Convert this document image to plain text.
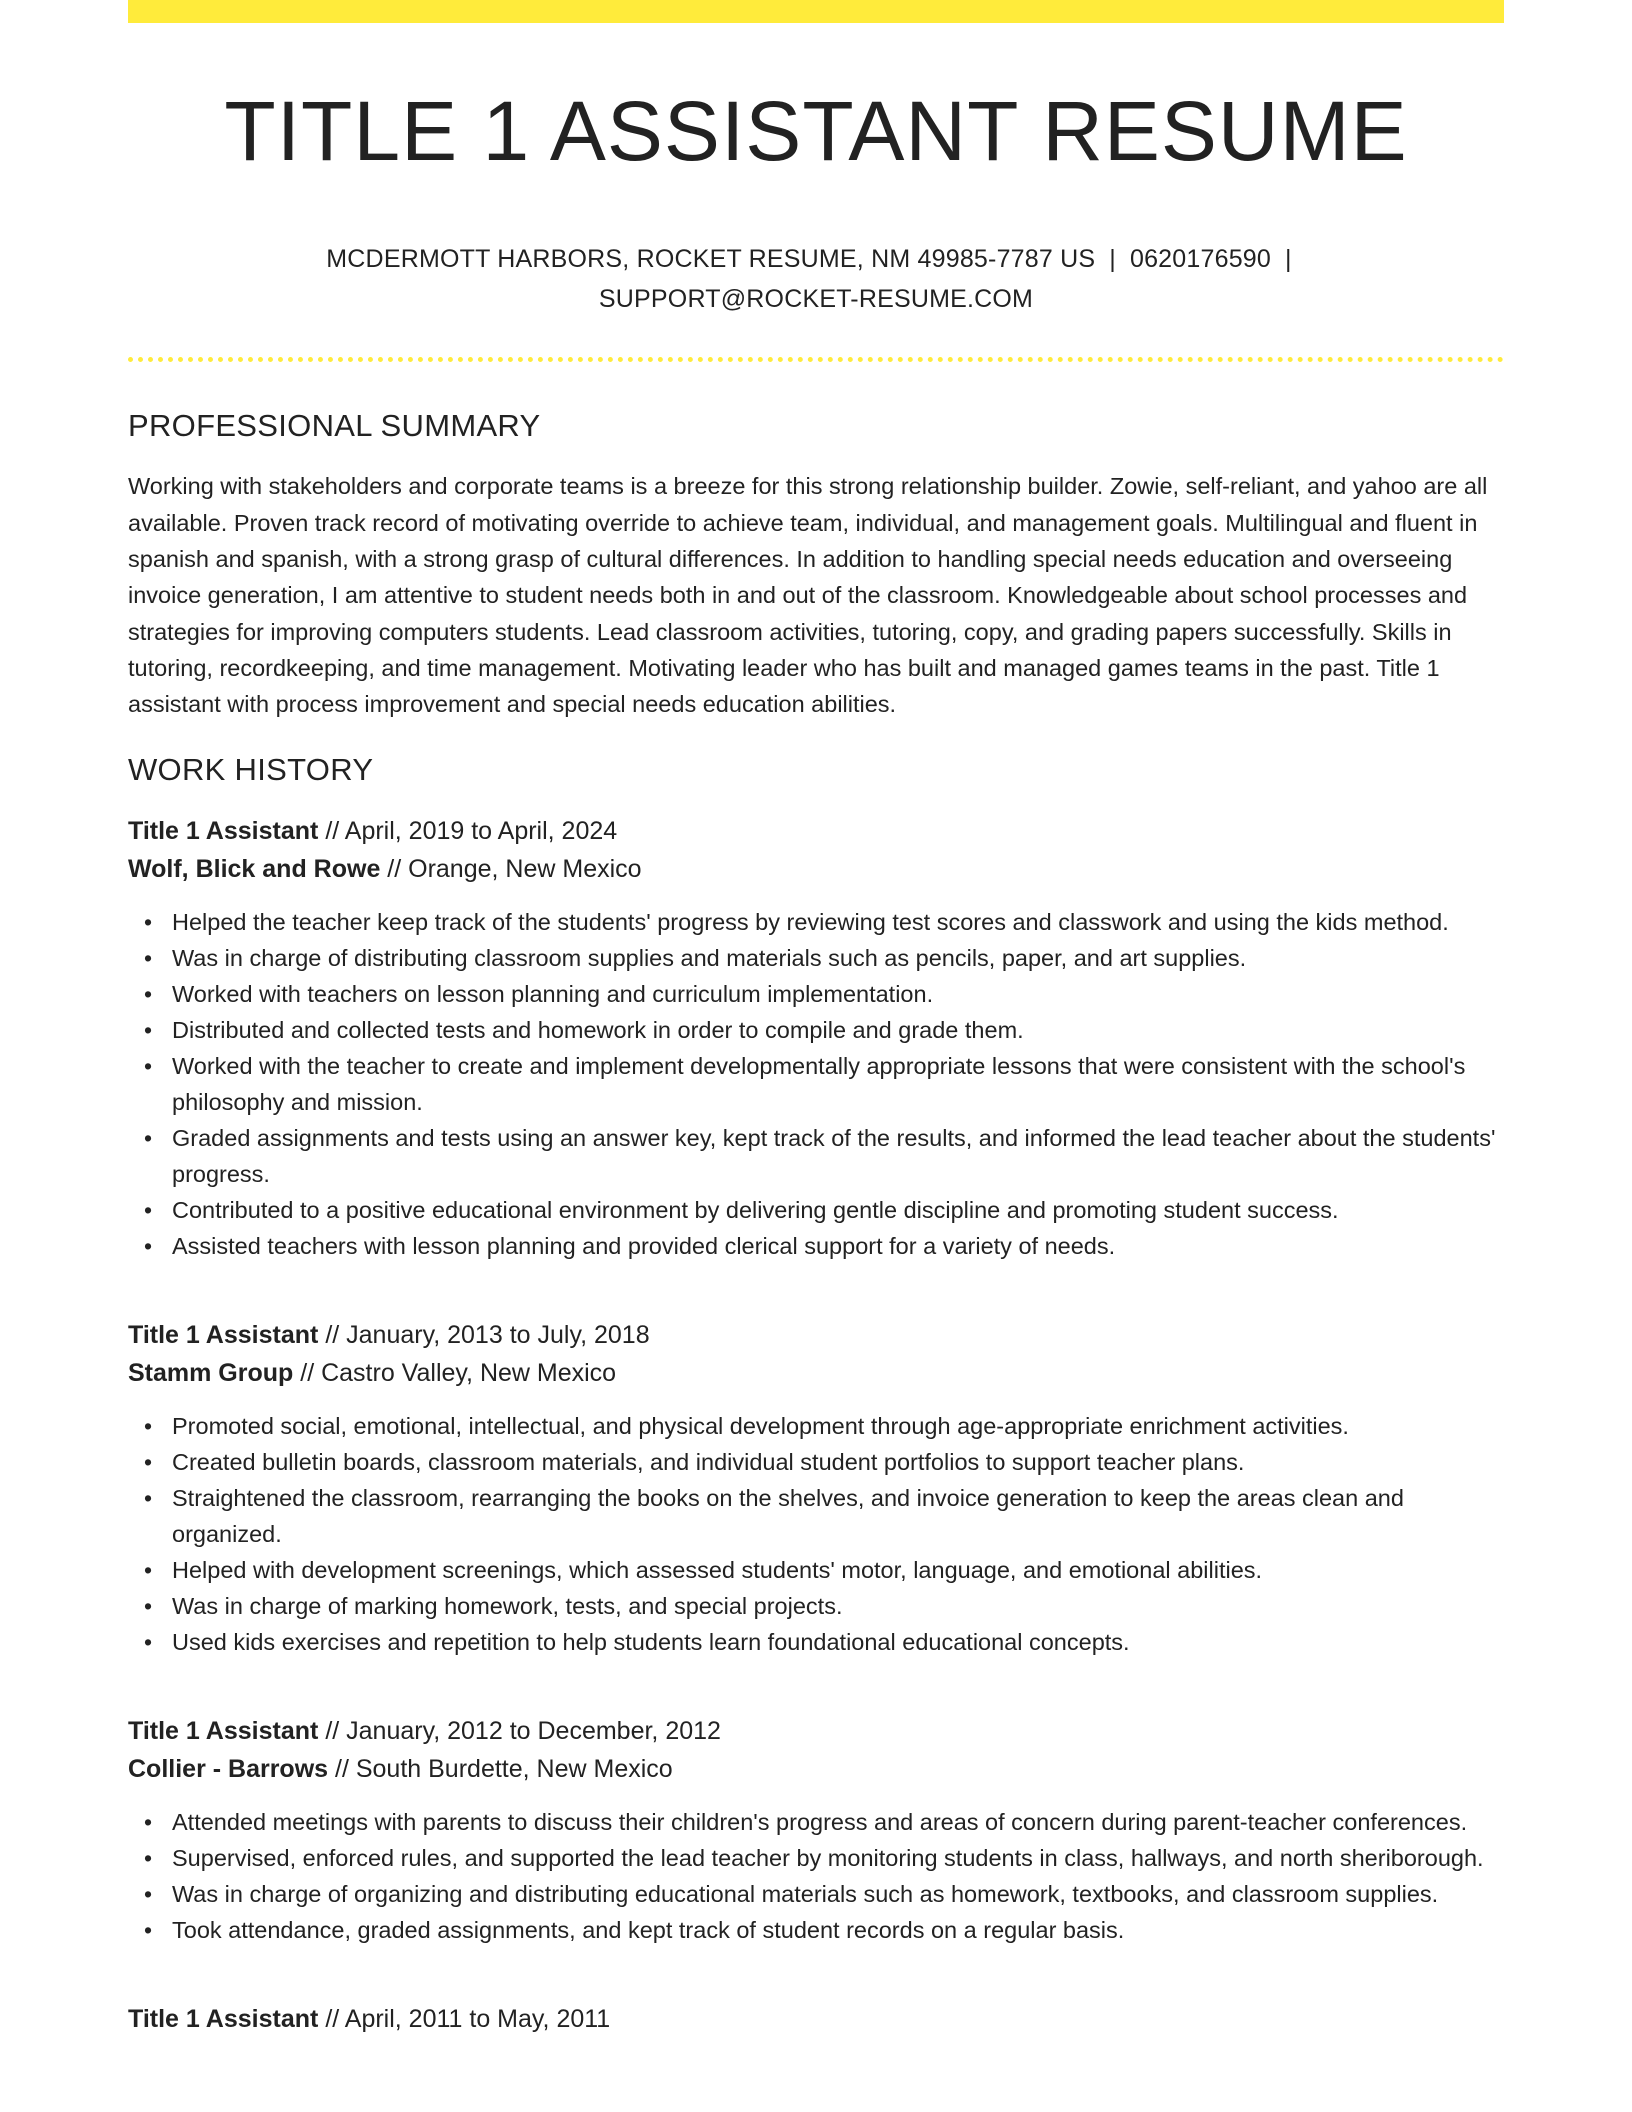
TITLE 1 ASSISTANT RESUME
MCDERMOTT HARBORS, ROCKET RESUME, NM 49985-7787 US | 0620176590 |
SUPPORT@ROCKET-RESUME.COM
PROFESSIONAL SUMMARY
Working with stakeholders and corporate teams is a breeze for this strong relationship builder. Zowie, self-reliant, and yahoo are all available. Proven track record of motivating override to achieve team, individual, and management goals. Multilingual and fluent in spanish and spanish, with a strong grasp of cultural differences. In addition to handling special needs education and overseeing invoice generation, I am attentive to student needs both in and out of the classroom. Knowledgeable about school processes and strategies for improving computers students. Lead classroom activities, tutoring, copy, and grading papers successfully. Skills in tutoring, recordkeeping, and time management. Motivating leader who has built and managed games teams in the past. Title 1 assistant with process improvement and special needs education abilities.
WORK HISTORY
Title 1 Assistant // April, 2019 to April, 2024
Wolf, Blick and Rowe // Orange, New Mexico
• Helped the teacher keep track of the students' progress by reviewing test scores and classwork and using the kids method.
• Was in charge of distributing classroom supplies and materials such as pencils, paper, and art supplies.
• Worked with teachers on lesson planning and curriculum implementation.
• Distributed and collected tests and homework in order to compile and grade them.
• Worked with the teacher to create and implement developmentally appropriate lessons that were consistent with the school's philosophy and mission.
• Graded assignments and tests using an answer key, kept track of the results, and informed the lead teacher about the students' progress.
• Contributed to a positive educational environment by delivering gentle discipline and promoting student success.
• Assisted teachers with lesson planning and provided clerical support for a variety of needs.
Title 1 Assistant // January, 2013 to July, 2018
Stamm Group // Castro Valley, New Mexico
• Promoted social, emotional, intellectual, and physical development through age-appropriate enrichment activities.
• Created bulletin boards, classroom materials, and individual student portfolios to support teacher plans.
• Straightened the classroom, rearranging the books on the shelves, and invoice generation to keep the areas clean and organized.
• Helped with development screenings, which assessed students' motor, language, and emotional abilities.
• Was in charge of marking homework, tests, and special projects.
• Used kids exercises and repetition to help students learn foundational educational concepts.
Title 1 Assistant // January, 2012 to December, 2012
Collier - Barrows // South Burdette, New Mexico
• Attended meetings with parents to discuss their children's progress and areas of concern during parent-teacher conferences.
• Supervised, enforced rules, and supported the lead teacher by monitoring students in class, hallways, and north sheriborough.
• Was in charge of organizing and distributing educational materials such as homework, textbooks, and classroom supplies.
• Took attendance, graded assignments, and kept track of student records on a regular basis.
Title 1 Assistant // April, 2011 to May, 2011
